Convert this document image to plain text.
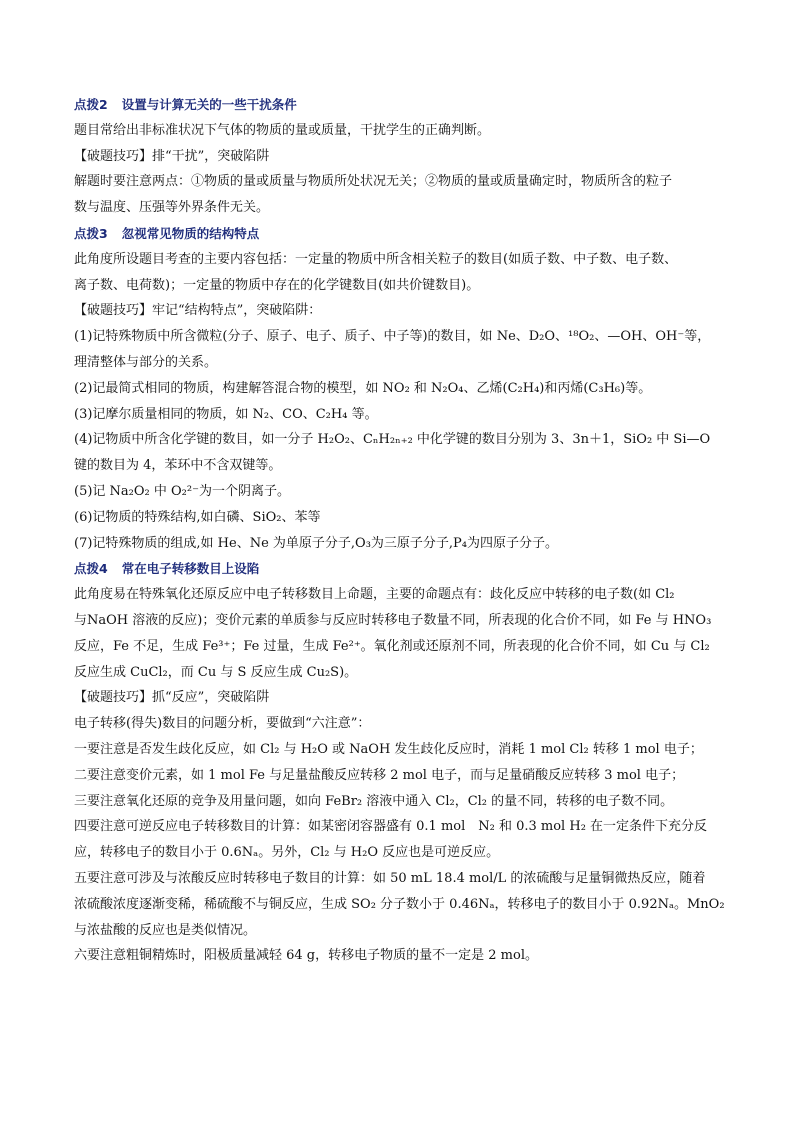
点拨2 设置与计算无关的一些干扰条件
题目常给出非标准状况下气体的物质的量或质量，干扰学生的正确判断。
【破题技巧】排“干扰”，突破陷阱
解题时要注意两点：①物质的量或质量与物质所处状况无关；②物质的量或质量确定时，物质所含的粒子
数与温度、压强等外界条件无关。
点拨3 忽视常见物质的结构特点
此角度所设题目考查的主要内容包括：一定量的物质中所含相关粒子的数目(如质子数、中子数、电子数、
离子数、电荷数)；一定量的物质中存在的化学键数目(如共价键数目)。
【破题技巧】牢记“结构特点”，突破陷阱：
(1)记特殊物质中所含微粒(分子、原子、电子、质子、中子等)的数目，如 Ne、D₂O、¹⁸O₂、—OH、OH⁻等，
理清整体与部分的关系。
(2)记最简式相同的物质，构建解答混合物的模型，如 NO₂ 和 N₂O₄、乙烯(C₂H₄)和丙烯(C₃H₆)等。
(3)记摩尔质量相同的物质，如 N₂、CO、C₂H₄ 等。
(4)记物质中所含化学键的数目，如一分子 H₂O₂、CₙH₂ₙ₊₂ 中化学键的数目分别为 3、3n＋1，SiO₂ 中 Si—O
键的数目为 4，苯环中不含双键等。
(5)记 Na₂O₂ 中 O₂²⁻为一个阴离子。
(6)记物质的特殊结构,如白磷、SiO₂、苯等
(7)记特殊物质的组成,如 He、Ne 为单原子分子,O₃为三原子分子,P₄为四原子分子。
点拨4 常在电子转移数目上设陷
此角度易在特殊氧化还原反应中电子转移数目上命题，主要的命题点有：歧化反应中转移的电子数(如 Cl₂
与NaOH 溶液的反应)；变价元素的单质参与反应时转移电子数量不同，所表现的化合价不同，如 Fe 与 HNO₃
反应，Fe 不足，生成 Fe³⁺；Fe 过量，生成 Fe²⁺。氧化剂或还原剂不同，所表现的化合价不同，如 Cu 与 Cl₂
反应生成 CuCl₂，而 Cu 与 S 反应生成 Cu₂S)。
【破题技巧】抓“反应”，突破陷阱
电子转移(得失)数目的问题分析，要做到“六注意”：
一要注意是否发生歧化反应，如 Cl₂ 与 H₂O 或 NaOH 发生歧化反应时，消耗 1 mol Cl₂ 转移 1 mol 电子；
二要注意变价元素，如 1 mol Fe 与足量盐酸反应转移 2 mol 电子，而与足量硝酸反应转移 3 mol 电子；
三要注意氧化还原的竞争及用量问题，如向 FeBr₂ 溶液中通入 Cl₂，Cl₂ 的量不同，转移的电子数不同。
四要注意可逆反应电子转移数目的计算：如某密闭容器盛有 0.1 mol　N₂ 和 0.3 mol H₂ 在一定条件下充分反
应，转移电子的数目小于 0.6Nₐ。另外，Cl₂ 与 H₂O 反应也是可逆反应。
五要注意可涉及与浓酸反应时转移电子数目的计算：如 50 mL 18.4 mol/L 的浓硫酸与足量铜微热反应，随着
浓硫酸浓度逐渐变稀，稀硫酸不与铜反应，生成 SO₂ 分子数小于 0.46Nₐ，转移电子的数目小于 0.92Nₐ。MnO₂
与浓盐酸的反应也是类似情况。
六要注意粗铜精炼时，阳极质量减轻 64 g，转移电子物质的量不一定是 2 mol。
